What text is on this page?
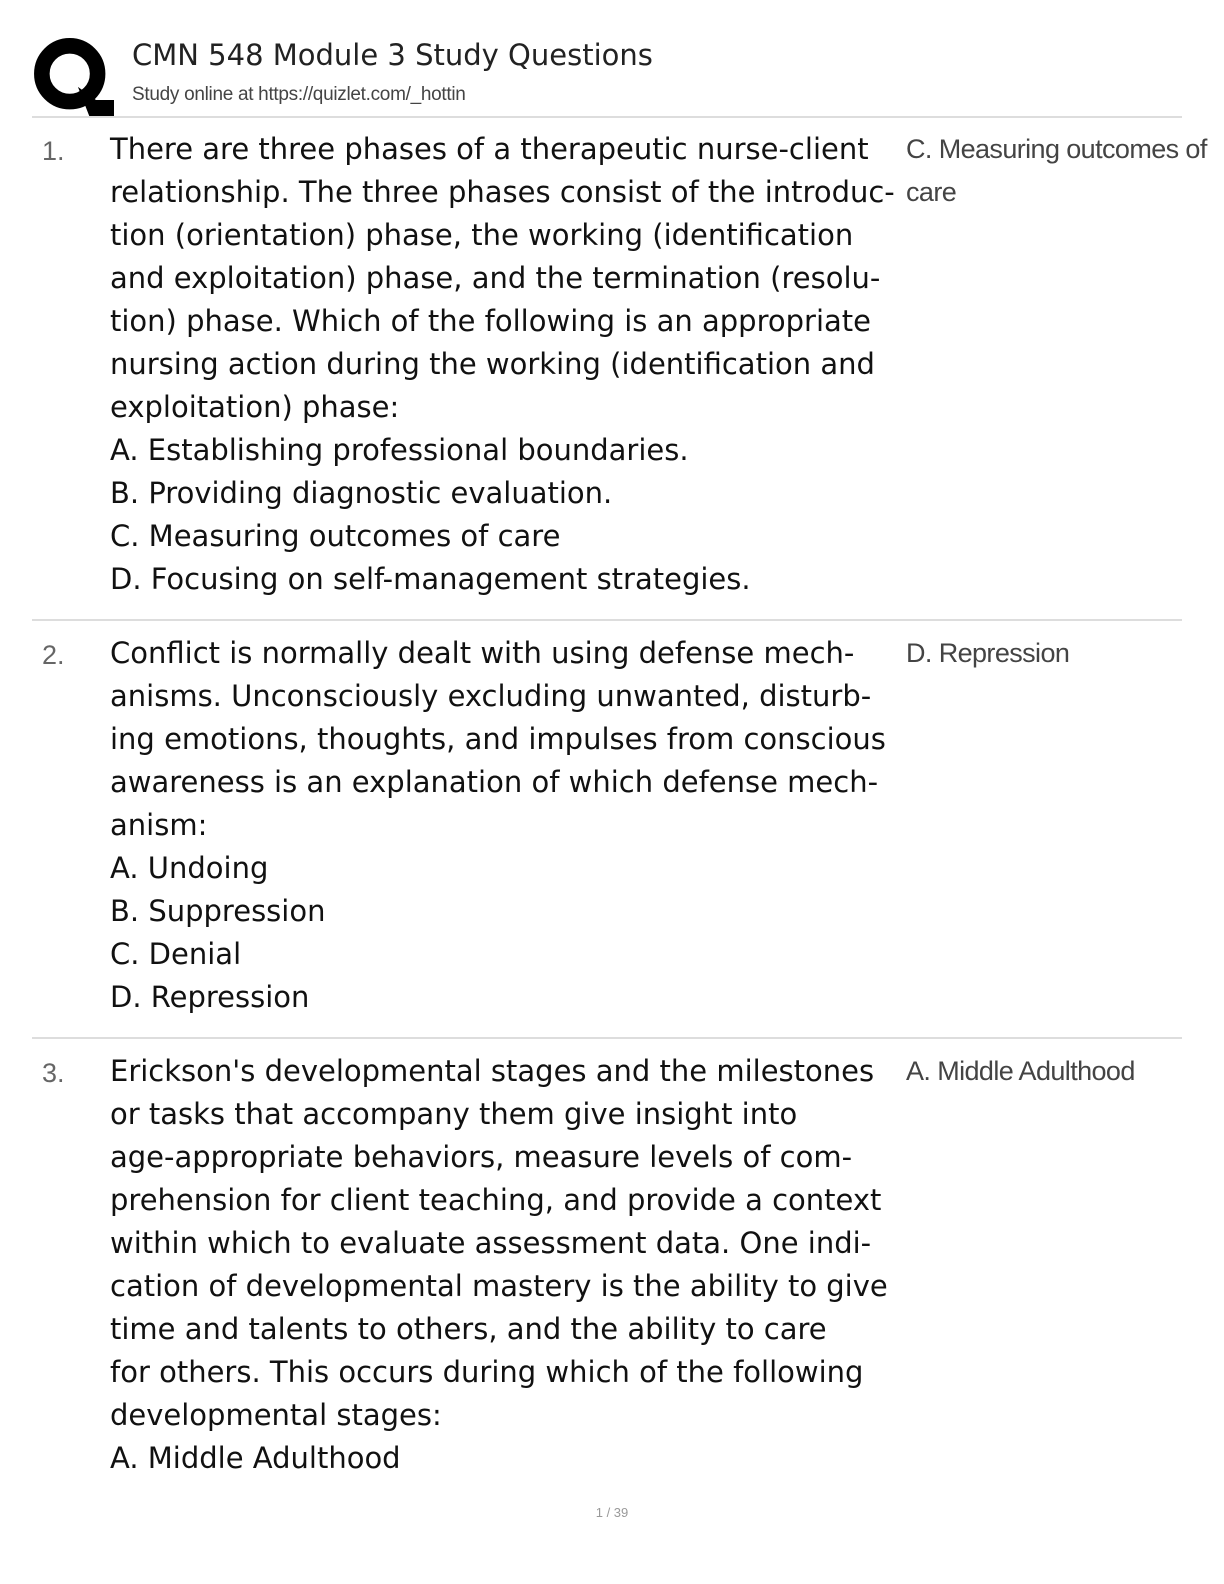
CMN 548 Module 3 Study Questions
Study online at https://quizlet.com/_hottin
1. There are three phases of a therapeutic nurse-client
relationship. The three phases consist of the introduc-
tion (orientation) phase, the working (identification
and exploitation) phase, and the termination (resolu-
tion) phase. Which of the following is an appropriate
nursing action during the working (identification and
exploitation) phase:
A. Establishing professional boundaries.
B. Providing diagnostic evaluation.
C. Measuring outcomes of care
D. Focusing on self-management strategies.
C. Measuring outcomes of
care
2. Conflict is normally dealt with using defense mech-
anisms. Unconsciously excluding unwanted, disturb-
ing emotions, thoughts, and impulses from conscious
awareness is an explanation of which defense mech-
anism:
A. Undoing
B. Suppression
C. Denial
D. Repression
D. Repression
3. Erickson's developmental stages and the milestones
or tasks that accompany them give insight into
age-appropriate behaviors, measure levels of com-
prehension for client teaching, and provide a context
within which to evaluate assessment data. One indi-
cation of developmental mastery is the ability to give
time and talents to others, and the ability to care
for others. This occurs during which of the following
developmental stages:
A. Middle Adulthood
A. Middle Adulthood
1 / 39
